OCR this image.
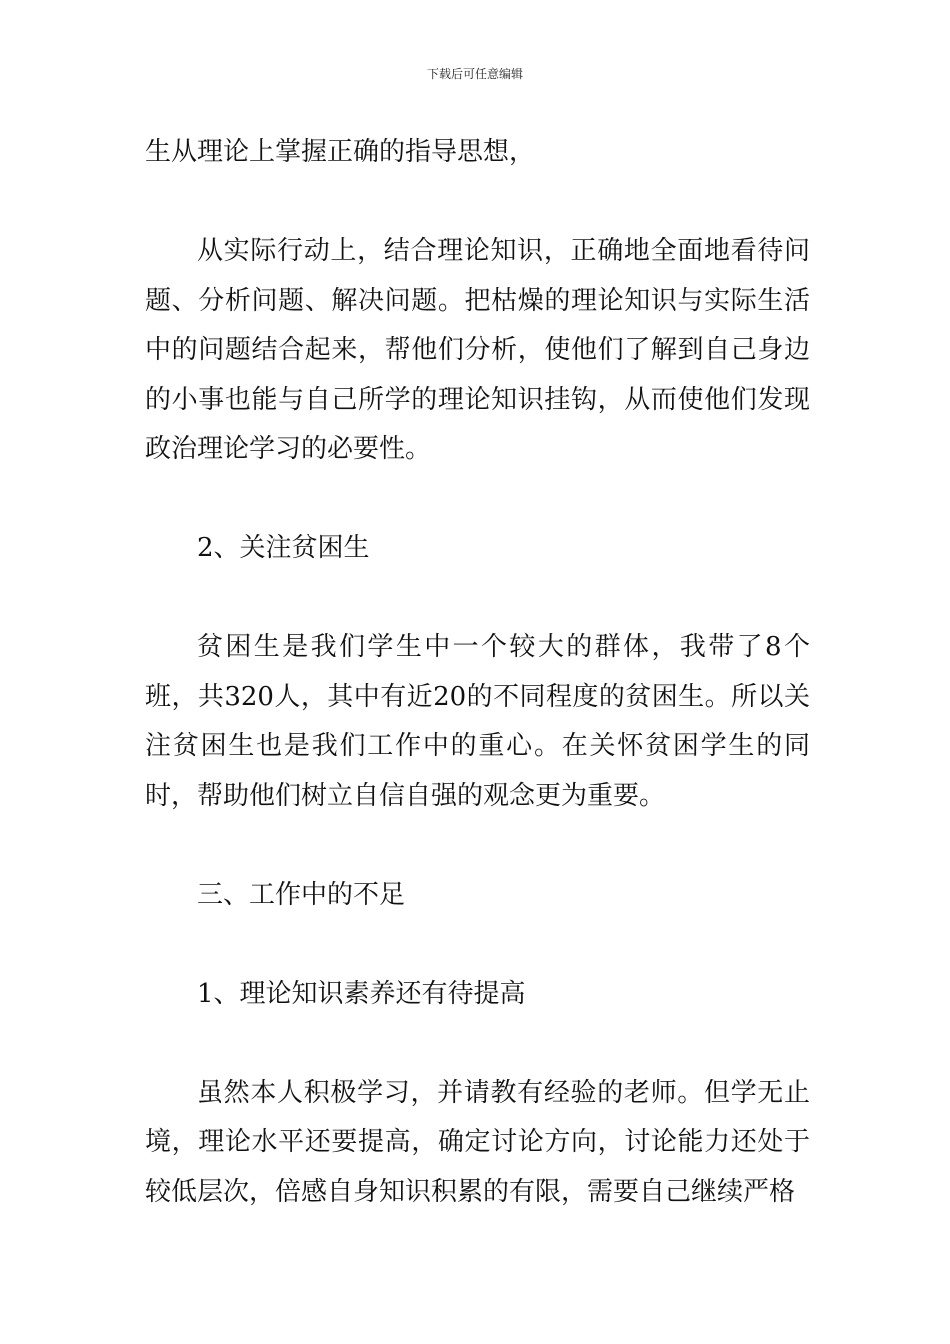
下载后可任意编辑

生从理论上掌握正确的指导思想，

从实际行动上，结合理论知识，正确地全面地看待问题、分析问题、解决问题。把枯燥的理论知识与实际生活中的问题结合起来，帮他们分析，使他们了解到自己身边的小事也能与自己所学的理论知识挂钩，从而使他们发现政治理论学习的必要性。

2、关注贫困生

贫困生是我们学生中一个较大的群体，我带了8个班，共320人，其中有近20的不同程度的贫困生。所以关注贫困生也是我们工作中的重心。在关怀贫困学生的同时，帮助他们树立自信自强的观念更为重要。

三、工作中的不足

1、理论知识素养还有待提高

虽然本人积极学习，并请教有经验的老师。但学无止境，理论水平还要提高，确定讨论方向，讨论能力还处于较低层次，倍感自身知识积累的有限，需要自己继续严格
